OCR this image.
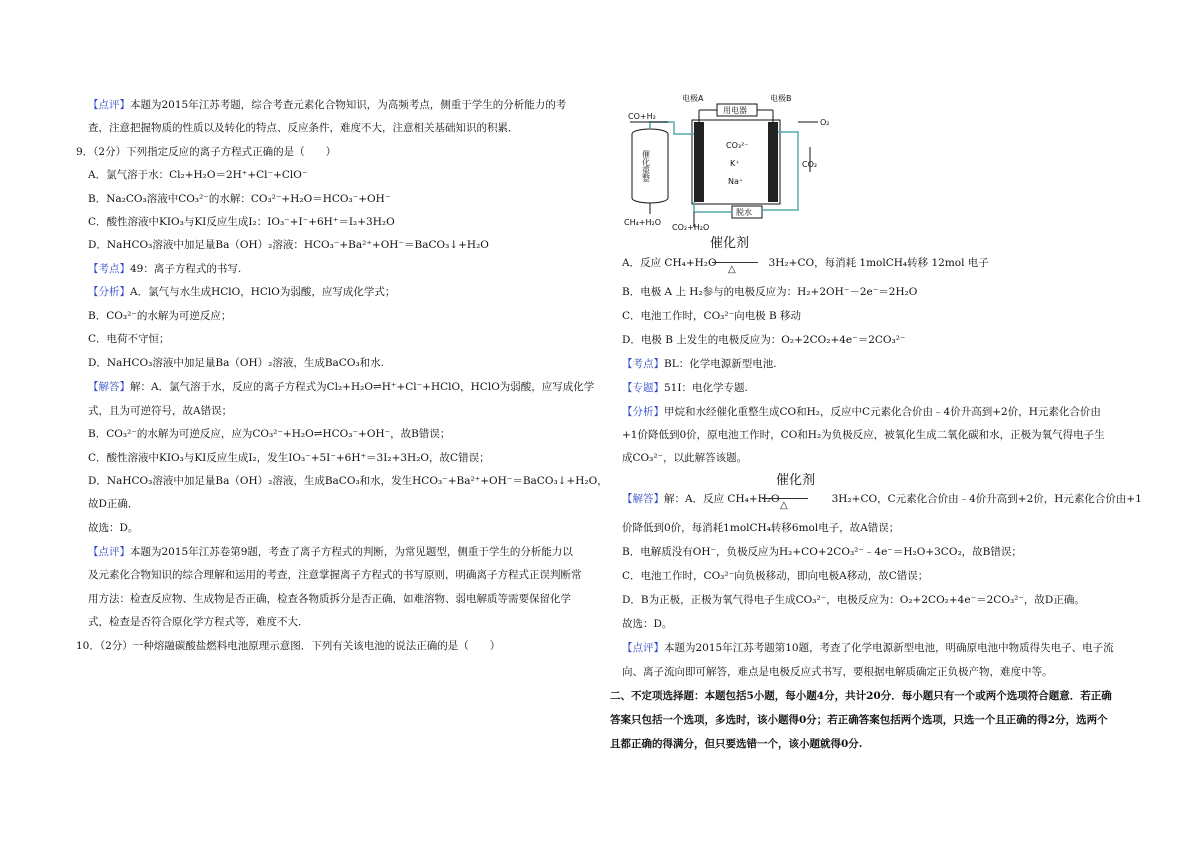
【点评】本题为2015年江苏考题，综合考查元素化合物知识，为高频考点，侧重于学生的分析能力的考
查，注意把握物质的性质以及转化的特点、反应条件，难度不大，注意相关基础知识的积累．
9．（2分）下列指定反应的离子方程式正确的是（　　）
A．氯气溶于水：Cl₂+H₂O＝2H⁺+Cl⁻+ClO⁻
B．Na₂CO₃溶液中CO₃²⁻的水解：CO₃²⁻+H₂O＝HCO₃⁻+OH⁻
C．酸性溶液中KIO₃与KI反应生成I₂：IO₃⁻+I⁻+6H⁺＝I₂+3H₂O
D．NaHCO₃溶液中加足量Ba（OH）₂溶液：HCO₃⁻+Ba²⁺+OH⁻＝BaCO₃↓+H₂O
【考点】49：离子方程式的书写.
【分析】A．氯气与水生成HClO，HClO为弱酸，应写成化学式；
B．CO₃²⁻的水解为可逆反应；
C．电荷不守恒；
D．NaHCO₃溶液中加足量Ba（OH）₂溶液，生成BaCO₃和水.
【解答】解：A．氯气溶于水，反应的离子方程式为Cl₂+H₂O⇌H⁺+Cl⁻+HClO，HClO为弱酸，应写成化学
式，且为可逆符号，故A错误；
B．CO₃²⁻的水解为可逆反应，应为CO₃²⁻+H₂O⇌HCO₃⁻+OH⁻，故B错误；
C．酸性溶液中KIO₃与KI反应生成I₂，发生IO₃⁻+5I⁻+6H⁺＝3I₂+3H₂O，故C错误；
D．NaHCO₃溶液中加足量Ba（OH）₂溶液，生成BaCO₃和水，发生HCO₃⁻+Ba²⁺+OH⁻＝BaCO₃↓+H₂O，
故D正确．
故选：D。
【点评】本题为2015年江苏卷第9题，考查了离子方程式的判断，为常见题型，侧重于学生的分析能力以
及元素化合物知识的综合理解和运用的考查，注意掌握离子方程式的书写原则，明确离子方程式正误判断常
用方法：检查反应物、生成物是否正确，检查各物质拆分是否正确，如难溶物、弱电解质等需要保留化学
式，检查是否符合原化学方程式等，难度不大．
10．（2分）一种熔融碳酸盐燃料电池原理示意图．下列有关该电池的说法正确的是（　　）
电极A	电极B
用电器
CO+H₂
O₂
CO₂
催化重整
CO₃²⁻
K⁺
Na⁺
CH₄+H₂O
CO₂+H₂O
脱水
催化剂
A．反应 CH₄+H₂O	3H₂+CO，每消耗 1molCH₄转移 12mol 电子
△
B．电极 A 上 H₂参与的电极反应为：H₂+2OH⁻－2e⁻＝2H₂O
C．电池工作时，CO₃²⁻向电极 B 移动
D．电极 B 上发生的电极反应为：O₂+2CO₂+4e⁻＝2CO₃²⁻
【考点】BL：化学电源新型电池.
【专题】51I：电化学专题.
【分析】甲烷和水经催化重整生成CO和H₂，反应中C元素化合价由﹣4价升高到+2价，H元素化合价由
+1价降低到0价，原电池工作时，CO和H₂为负极反应，被氧化生成二氧化碳和水，正极为氧气得电子生
成CO₃²⁻，以此解答该题。
催化剂
【解答】解：A．反应 CH₄+H₂O	3H₂+CO，C元素化合价由﹣4价升高到+2价，H元素化合价由+1
△
价降低到0价，每消耗1molCH₄转移6mol电子，故A错误；
B．电解质没有OH⁻，负极反应为H₂+CO+2CO₃²⁻﹣4e⁻＝H₂O+3CO₂，故B错误；
C．电池工作时，CO₃²⁻向负极移动，即向电极A移动，故C错误；
D．B为正极，正极为氧气得电子生成CO₃²⁻，电极反应为：O₂+2CO₂+4e⁻＝2CO₃²⁻，故D正确。
故选：D。
【点评】本题为2015年江苏考题第10题，考查了化学电源新型电池，明确原电池中物质得失电子、电子流
向、离子流向即可解答，难点是电极反应式书写，要根据电解质确定正负极产物，难度中等。
二、不定项选择题：本题包括5小题，每小题4分，共计20分．每小题只有一个或两个选项符合题意．若正确
答案只包括一个选项，多选时，该小题得0分；若正确答案包括两个选项，只选一个且正确的得2分，选两个
且都正确的得满分，但只要选错一个，该小题就得0分.
